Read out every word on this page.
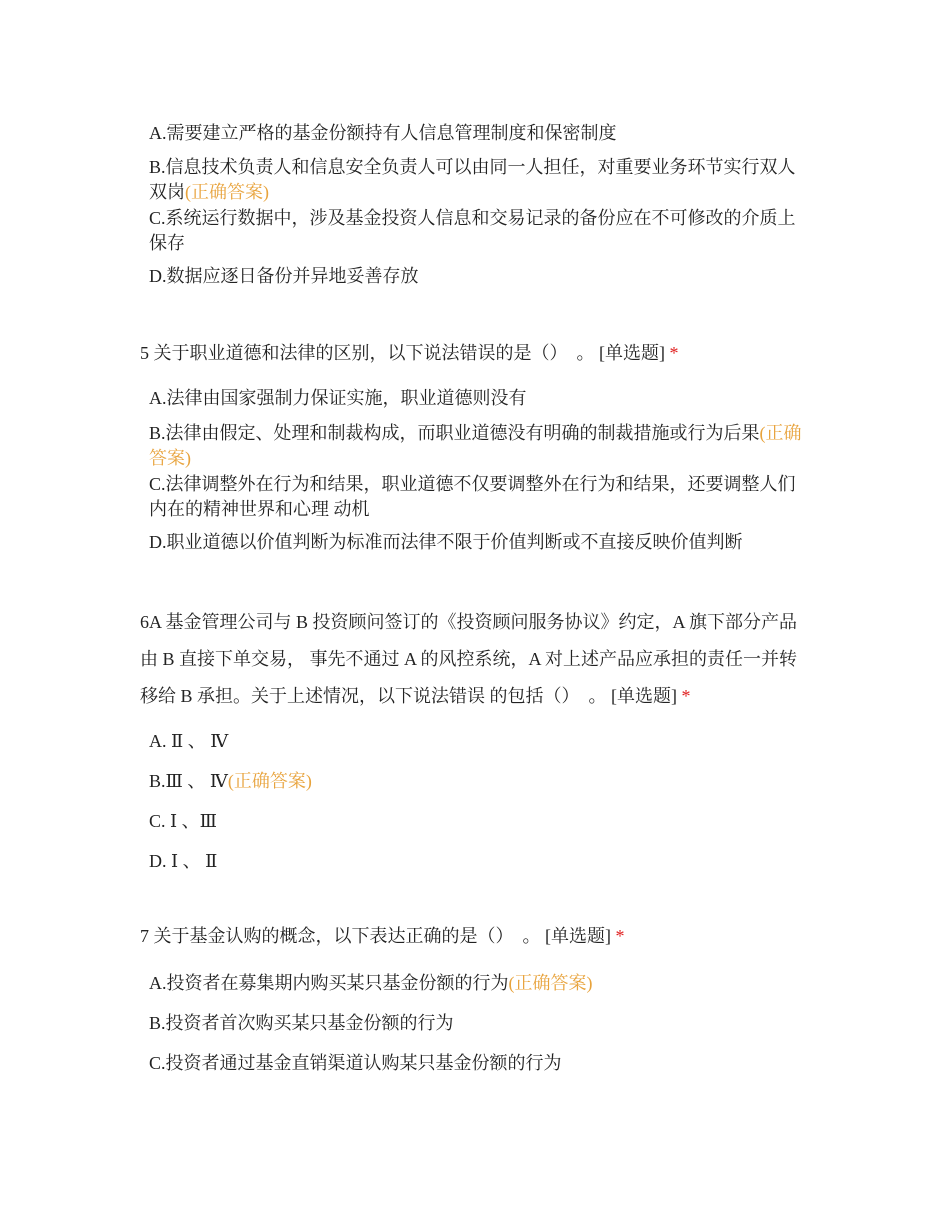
A.需要建立严格的基金份额持有人信息管理制度和保密制度
B.信息技术负责人和信息安全负责人可以由同一人担任，对重要业务环节实行双人双岗(正确答案)
C.系统运行数据中，涉及基金投资人信息和交易记录的备份应在不可修改的介质上保存
D.数据应逐日备份并异地妥善存放
5 关于职业道德和法律的区别，以下说法错误的是（）　。 [单选题] *
A.法律由国家强制力保证实施，职业道德则没有
B.法律由假定、处理和制裁构成，而职业道德没有明确的制裁措施或行为后果(正确答案)
C.法律调整外在行为和结果，职业道德不仅要调整外在行为和结果，还要调整人们内在的精神世界和心理 动机
D.职业道德以价值判断为标准而法律不限于价值判断或不直接反映价值判断
6A 基金管理公司与 B 投资顾问签订的《投资顾问服务协议》约定，A 旗下部分产品由 B 直接下单交易， 事先不通过 A 的风控系统，A 对上述产品应承担的责任一并转移给 B 承担。关于上述情况，以下说法错误 的包括（）　。 [单选题] *
A. Ⅱ 、 Ⅳ
B.Ⅲ 、 Ⅳ(正确答案)
C. Ⅰ 、Ⅲ
D. Ⅰ 、 Ⅱ
7 关于基金认购的概念，以下表达正确的是（）　。 [单选题] *
A.投资者在募集期内购买某只基金份额的行为(正确答案)
B.投资者首次购买某只基金份额的行为
C.投资者通过基金直销渠道认购某只基金份额的行为
